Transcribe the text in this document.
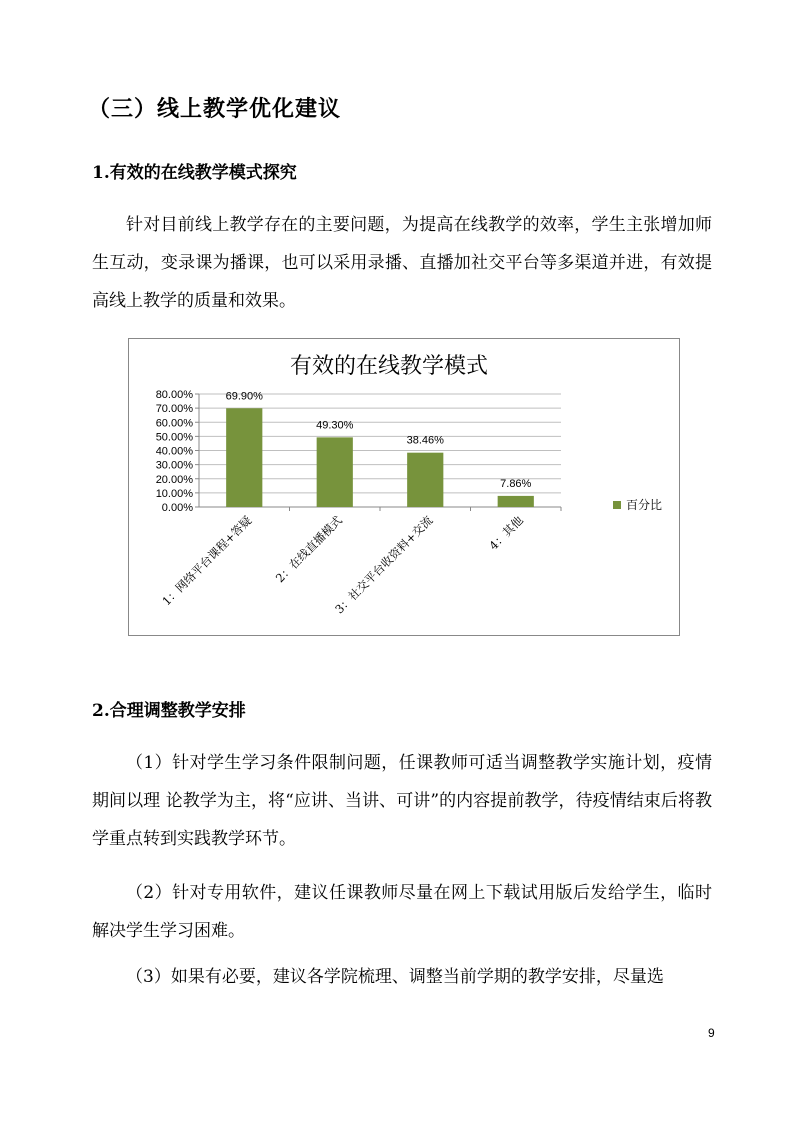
（三）线上教学优化建议
1.有效的在线教学模式探究

针对目前线上教学存在的主要问题，为提高在线教学的效率，学生主张增加师生互动，变录课为播课，也可以采用录播、直播加社交平台等多渠道并进，有效提高线上教学的质量和效果。

有效的在线教学模式
0.00%
10.00%
20.00%
30.00%
40.00%
50.00%
60.00%
70.00%
80.00%	69.90%
49.30%
38.46%
7.86%
1：网络平台课程+答疑 2：在线直播模式
3：社交平台收资料+交流	4：其他
百分比
2.合理调整教学安排

（1）针对学生学习条件限制问题，任课教师可适当调整教学实施计划，疫情期间以理 论教学为主，将“应讲、当讲、可讲”的内容提前教学，待疫情结束后将教学重点转到实践教学环节。

（2）针对专用软件，建议任课教师尽量在网上下载试用版后发给学生，临时解决学生学习困难。

（3）如果有必要，建议各学院梳理、调整当前学期的教学安排，尽量选

9
